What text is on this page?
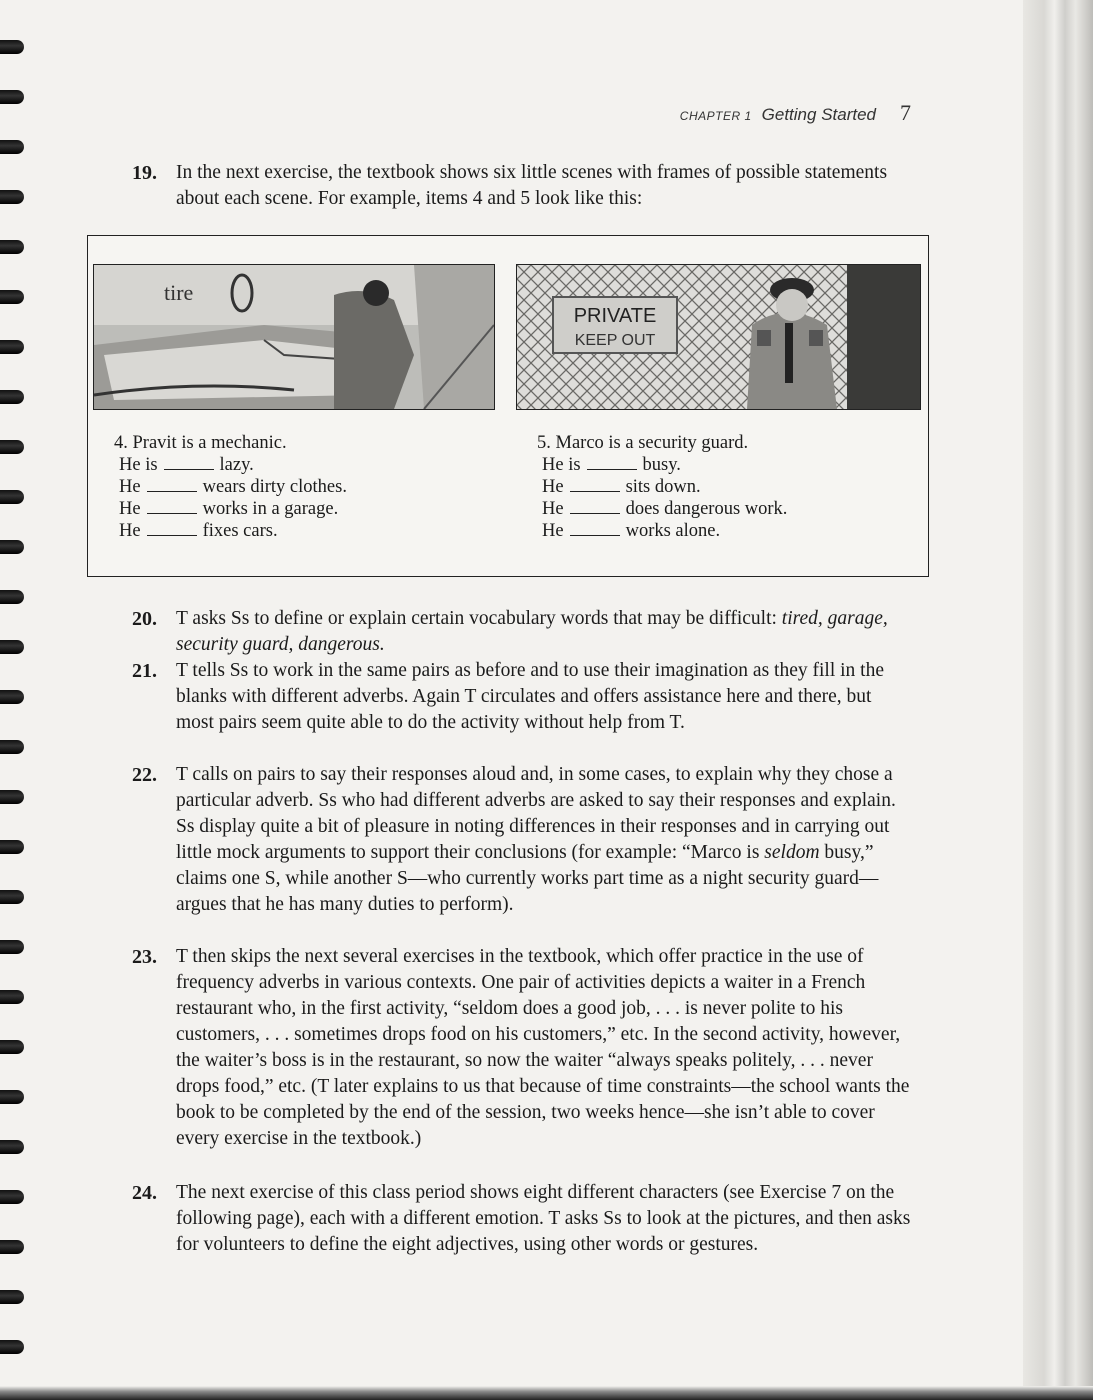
CHAPTER 1 Getting Started 7
19. In the next exercise, the textbook shows six little scenes with frames of possible statements about each scene. For example, items 4 and 5 look like this:
tire
PRIVATE
KEEP OUT
4. Pravit is a mechanic.
He is	lazy.
He	wears dirty clothes.
He	works in a garage.
He	fixes cars.
5. Marco is a security guard.
He is	busy.
He	sits down.
He	does dangerous work.
He	works alone.
20. T asks Ss to define or explain certain vocabulary words that may be difficult: tired, garage, security guard, dangerous.
21. T tells Ss to work in the same pairs as before and to use their imagination as they fill in the blanks with different adverbs. Again T circulates and offers assistance here and there, but most pairs seem quite able to do the activity without help from T.
22. T calls on pairs to say their responses aloud and, in some cases, to explain why they chose a particular adverb. Ss who had different adverbs are asked to say their responses and explain. Ss display quite a bit of pleasure in noting differences in their responses and in carrying out little mock arguments to support their conclusions (for example: “Marco is seldom busy,” claims one S, while another S—who currently works part time as a night security guard—argues that he has many duties to perform).
23. T then skips the next several exercises in the textbook, which offer practice in the use of frequency adverbs in various contexts. One pair of activities depicts a waiter in a French restaurant who, in the first activity, “seldom does a good job, . . . is never polite to his customers, . . . sometimes drops food on his customers,” etc. In the second activity, however, the waiter’s boss is in the restaurant, so now the waiter “always speaks politely, . . . never drops food,” etc. (T later explains to us that because of time constraints—the school wants the book to be completed by the end of the session, two weeks hence—she isn’t able to cover every exercise in the textbook.)
24. The next exercise of this class period shows eight different characters (see Exercise 7 on the following page), each with a different emotion. T asks Ss to look at the pictures, and then asks for volunteers to define the eight adjectives, using other words or gestures.
